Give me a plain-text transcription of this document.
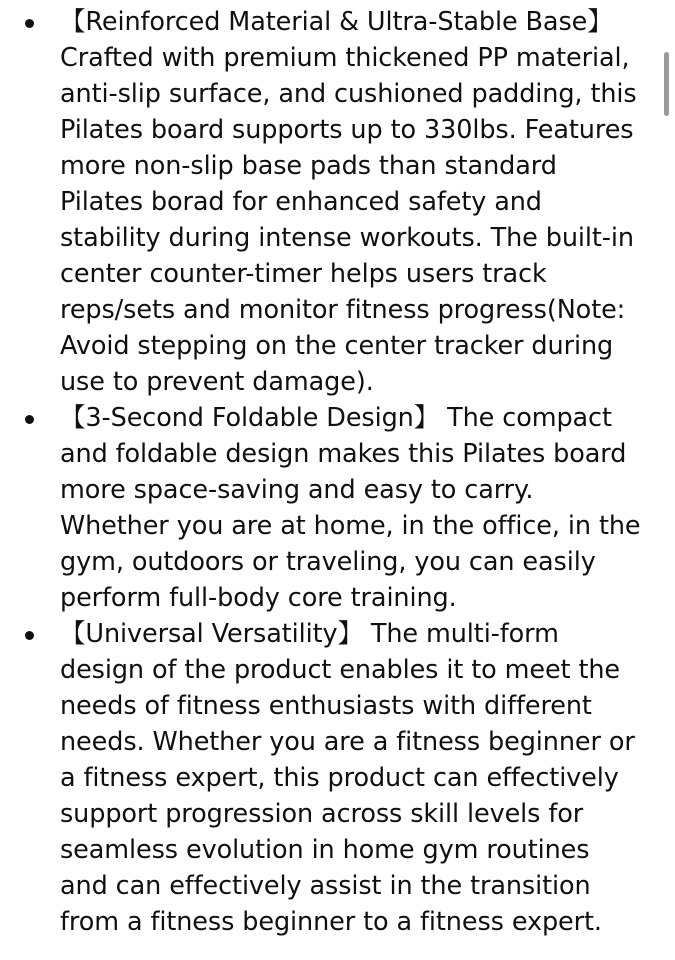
【Reinforced Material & Ultra-Stable Base】 Crafted with premium thickened PP material, anti-slip surface, and cushioned padding, this Pilates board supports up to 330lbs. Features more non-slip base pads than standard Pilates borad for enhanced safety and stability during intense workouts. The built-in center counter-timer helps users track reps/sets and monitor fitness progress(Note: Avoid stepping on the center tracker during use to prevent damage).
【3-Second Foldable Design】 The compact and foldable design makes this Pilates board more space-saving and easy to carry. Whether you are at home, in the office, in the gym, outdoors or traveling, you can easily perform full-body core training.
【Universal Versatility】 The multi-form design of the product enables it to meet the needs of fitness enthusiasts with different needs. Whether you are a fitness beginner or a fitness expert, this product can effectively support progression across skill levels for seamless evolution in home gym routines and can effectively assist in the transition from a fitness beginner to a fitness expert.
